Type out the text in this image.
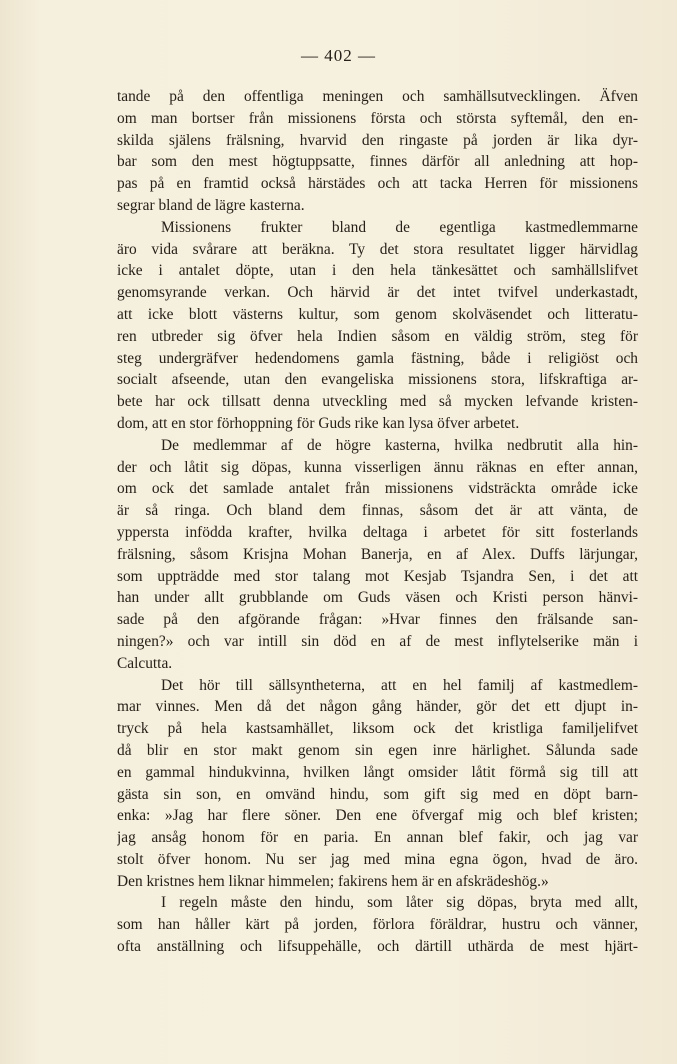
— 402 —
tande på den offentliga meningen och samhällsutvecklingen. Äfven
om man bortser från missionens första och största syftemål, den en-
skilda själens frälsning, hvarvid den ringaste på jorden är lika dyr-
bar som den mest högtuppsatte, finnes därför all anledning att hop-
pas på en framtid också härstädes och att tacka Herren för missionens
segrar bland de lägre kasterna.
Missionens frukter bland de egentliga kastmedlemmarne
äro vida svårare att beräkna. Ty det stora resultatet ligger härvidlag
icke i antalet döpte, utan i den hela tänkesättet och samhällslifvet
genomsyrande verkan. Och härvid är det intet tvifvel underkastadt,
att icke blott västerns kultur, som genom skolväsendet och litteratu-
ren utbreder sig öfver hela Indien såsom en väldig ström, steg för
steg undergräfver hedendomens gamla fästning, både i religiöst och
socialt afseende, utan den evangeliska missionens stora, lifskraftiga ar-
bete har ock tillsatt denna utveckling med så mycken lefvande kristen-
dom, att en stor förhoppning för Guds rike kan lysa öfver arbetet.
De medlemmar af de högre kasterna, hvilka nedbrutit alla hin-
der och låtit sig döpas, kunna visserligen ännu räknas en efter annan,
om ock det samlade antalet från missionens vidsträckta område icke
är så ringa. Och bland dem finnas, såsom det är att vänta, de
yppersta infödda krafter, hvilka deltaga i arbetet för sitt fosterlands
frälsning, såsom Krisjna Mohan Banerja, en af Alex. Duffs lärjungar,
som uppträdde med stor talang mot Kesjab Tsjandra Sen, i det att
han under allt grubblande om Guds väsen och Kristi person hänvi-
sade på den afgörande frågan: »Hvar finnes den frälsande san-
ningen?» och var intill sin död en af de mest inflytelserike män i
Calcutta.
Det hör till sällsyntheterna, att en hel familj af kastmedlem-
mar vinnes. Men då det någon gång händer, gör det ett djupt in-
tryck på hela kastsamhället, liksom ock det kristliga familjelifvet
då blir en stor makt genom sin egen inre härlighet. Sålunda sade
en gammal hindukvinna, hvilken långt omsider låtit förmå sig till att
gästa sin son, en omvänd hindu, som gift sig med en döpt barn-
enka: »Jag har flere söner. Den ene öfvergaf mig och blef kristen;
jag ansåg honom för en paria. En annan blef fakir, och jag var
stolt öfver honom. Nu ser jag med mina egna ögon, hvad de äro.
Den kristnes hem liknar himmelen; fakirens hem är en afskrädeshög.»
I regeln måste den hindu, som låter sig döpas, bryta med allt,
som han håller kärt på jorden, förlora föräldrar, hustru och vänner,
ofta anställning och lifsuppehälle, och därtill uthärda de mest hjärt-
